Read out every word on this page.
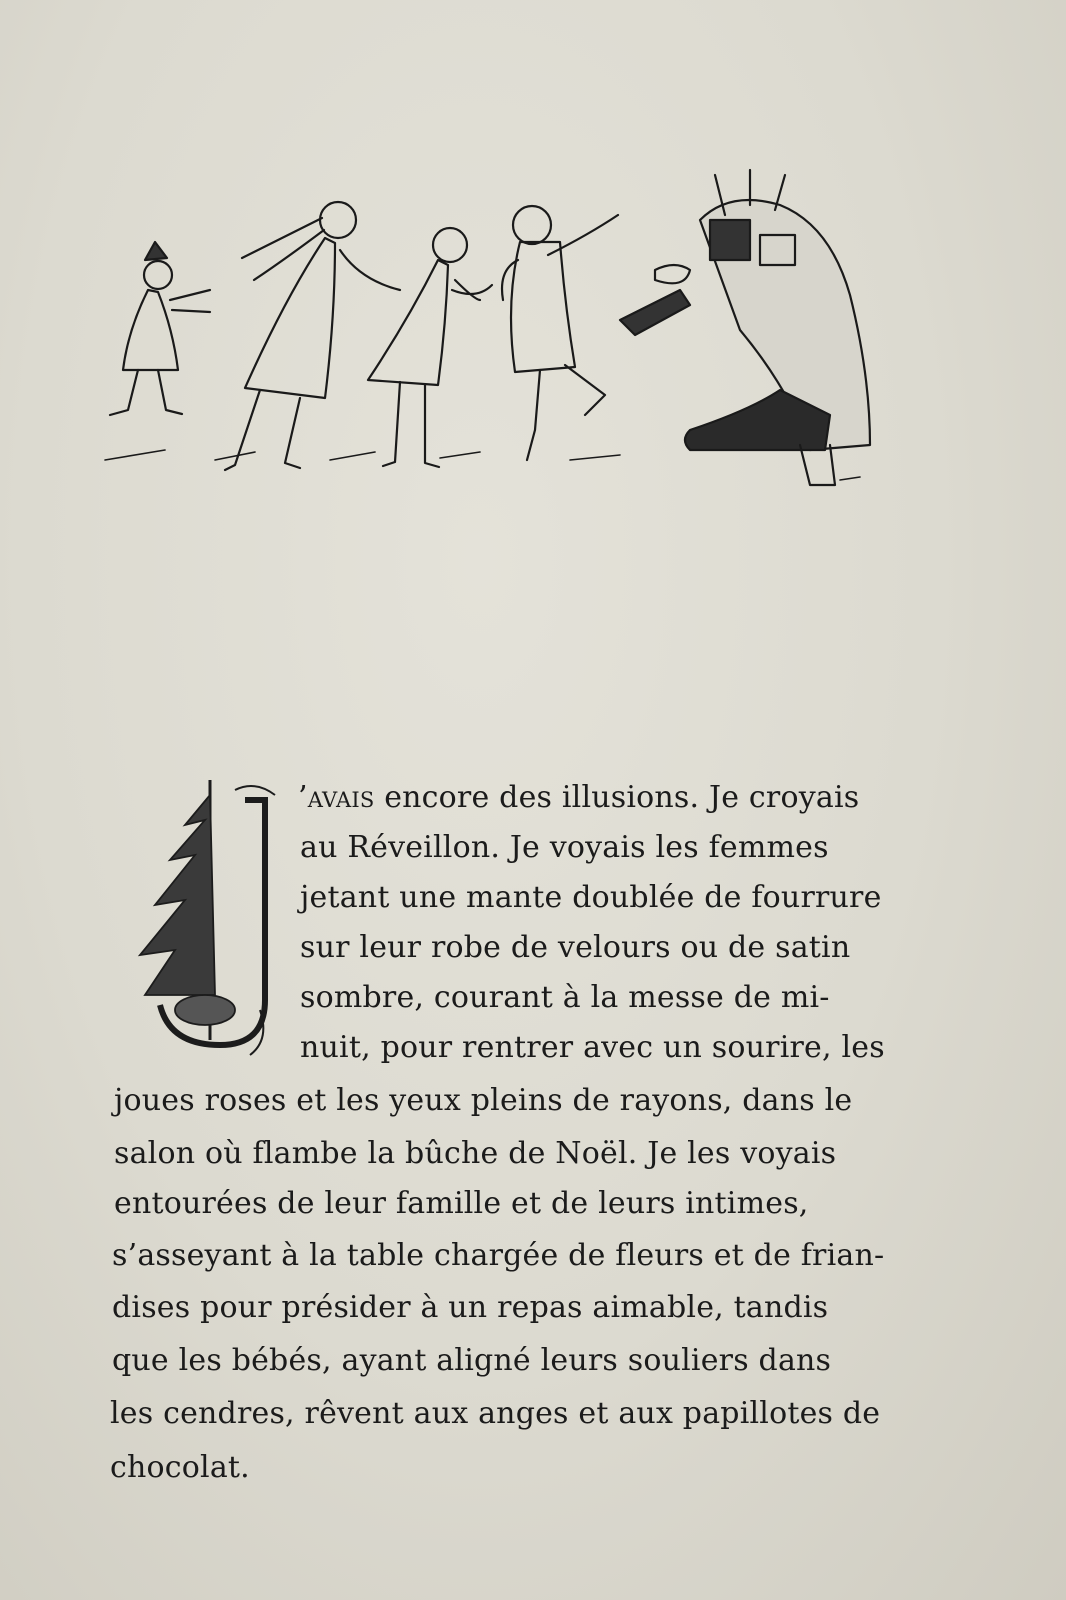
’avais encore des illusions. Je croyais
au Réveillon. Je voyais les femmes
jetant une mante doublée de fourrure
sur leur robe de velours ou de satin
sombre, courant à la messe de mi-
nuit, pour rentrer avec un sourire, les
joues roses et les yeux pleins de rayons, dans le
salon où flambe la bûche de Noël. Je les voyais
entourées de leur famille et de leurs intimes,
s’asseyant à la table chargée de fleurs et de frian-
dises pour présider à un repas aimable, tandis
que les bébés, ayant aligné leurs souliers dans
les cendres, rêvent aux anges et aux papillotes de
chocolat.
